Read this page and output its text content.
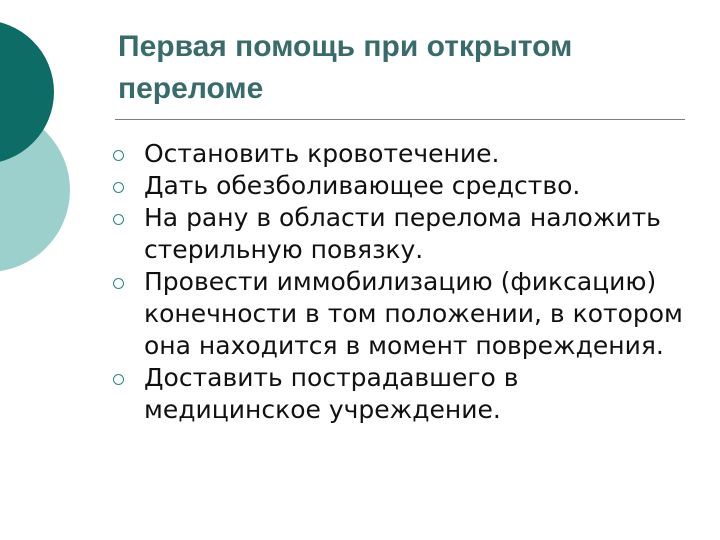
Первая помощь при открытом переломе
Остановить кровотечение.
Дать обезболивающее средство.
На рану в области перелома наложить стерильную повязку.
Провести иммобилизацию (фиксацию) конечности в том положении, в котором она находится в момент повреждения.
Доставить пострадавшего в медицинское учреждение.
